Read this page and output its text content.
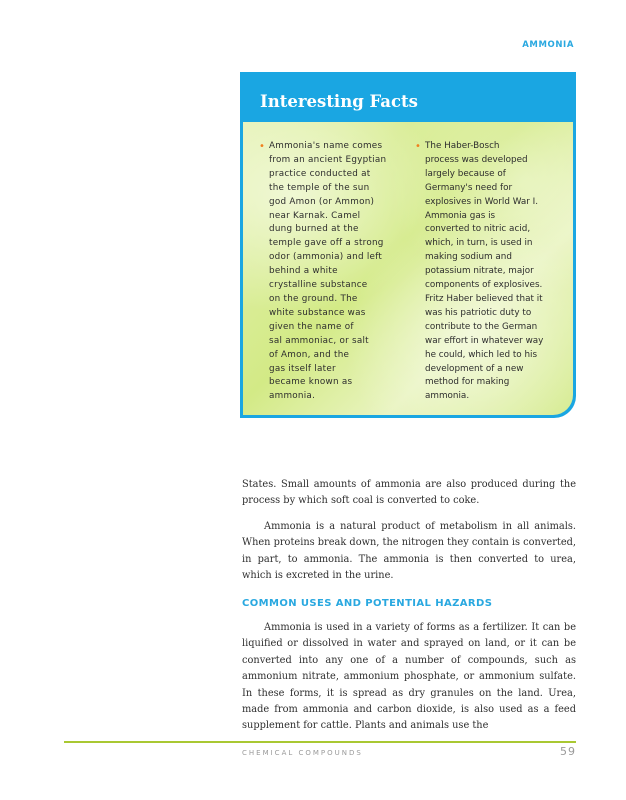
AMMONIA
Interesting Facts
• Ammonia's name comes
from an ancient Egyptian
practice conducted at
the temple of the sun
god Amon (or Ammon)
near Karnak. Camel
dung burned at the
temple gave off a strong
odor (ammonia) and left
behind a white
crystalline substance
on the ground. The
white substance was
given the name of
sal ammoniac, or salt
of Amon, and the
gas itself later
became known as
ammonia.
• The Haber-Bosch
process was developed
largely because of
Germany's need for
explosives in World War I.
Ammonia gas is
converted to nitric acid,
which, in turn, is used in
making sodium and
potassium nitrate, major
components of explosives.
Fritz Haber believed that it
was his patriotic duty to
contribute to the German
war effort in whatever way
he could, which led to his
development of a new
method for making
ammonia.

States. Small amounts of ammonia are also produced during the process by which soft coal is converted to coke.

Ammonia is a natural product of metabolism in all animals. When proteins break down, the nitrogen they contain is converted, in part, to ammonia. The ammonia is then converted to urea, which is excreted in the urine.

COMMON USES AND POTENTIAL HAZARDS

Ammonia is used in a variety of forms as a fertilizer. It can be liquified or dissolved in water and sprayed on land, or it can be converted into any one of a number of compounds, such as ammonium nitrate, ammonium phosphate, or ammonium sulfate. In these forms, it is spread as dry granules on the land. Urea, made from ammonia and carbon dioxide, is also used as a feed supplement for cattle. Plants and animals use the

CHEMICAL COMPOUNDS	59
